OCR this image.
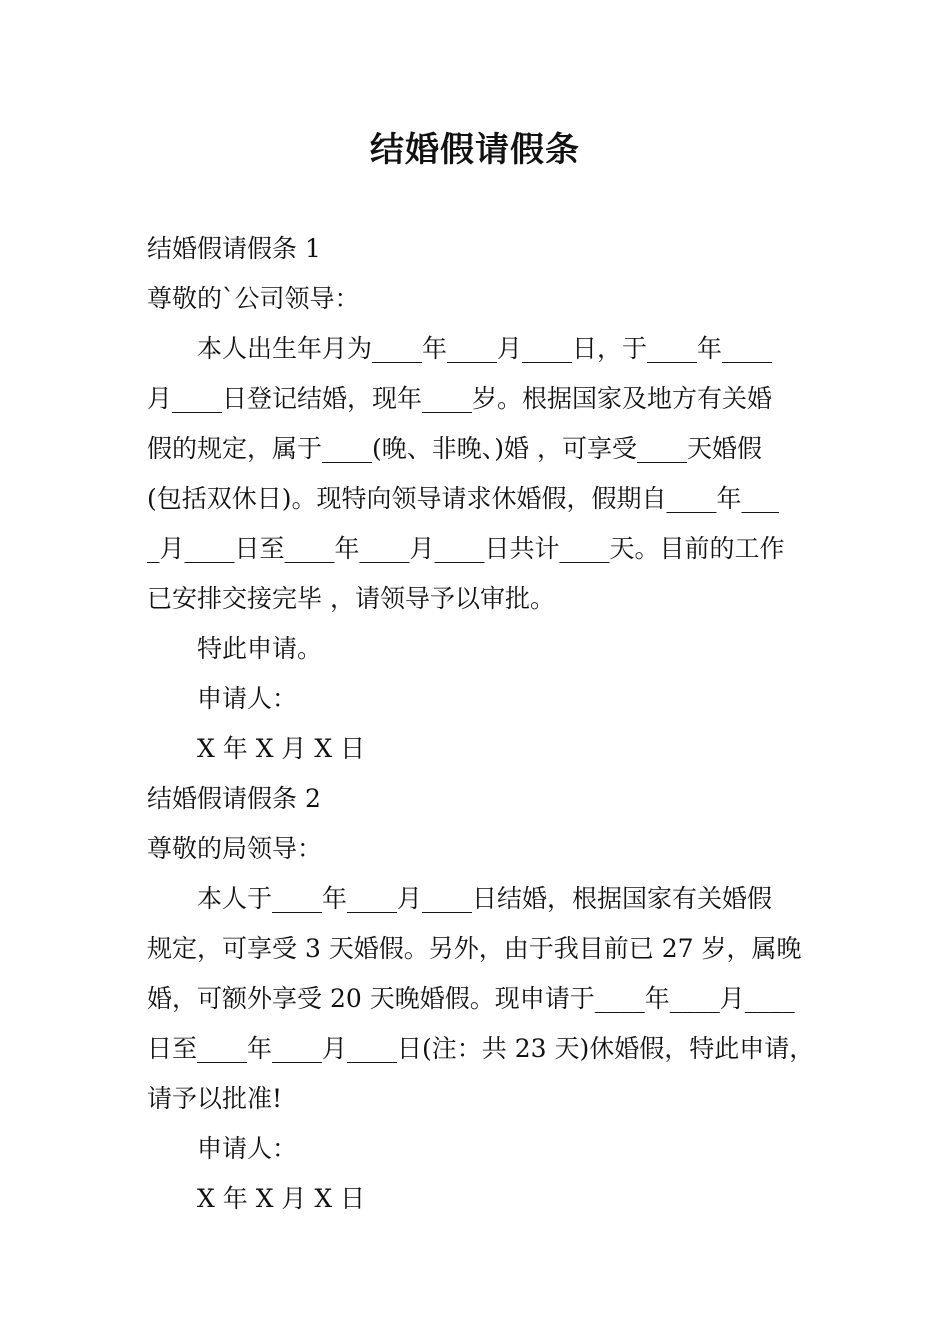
结婚假请假条
结婚假请假条 1
尊敬的`公司领导：
本人出生年月为____年____月____日，于____年____
月____日登记结婚，现年____岁。根据国家及地方有关婚
假的规定，属于____(晚、非晚、)婚 ，可享受____天婚假
(包括双休日)。现特向领导请求休婚假，假期自____年___
_月____日至____年____月____日共计____天。目前的工作
已安排交接完毕 ，请领导予以审批。
特此申请。
申请人：
X 年 X 月 X 日
结婚假请假条 2
尊敬的局领导：
本人于____年____月____日结婚，根据国家有关婚假
规定，可享受 3 天婚假。另外，由于我目前已 27 岁，属晚
婚，可额外享受 20 天晚婚假。现申请于____年____月____
日至____年____月____日(注：共 23 天)休婚假，特此申请，
请予以批准!
申请人：
X 年 X 月 X 日
